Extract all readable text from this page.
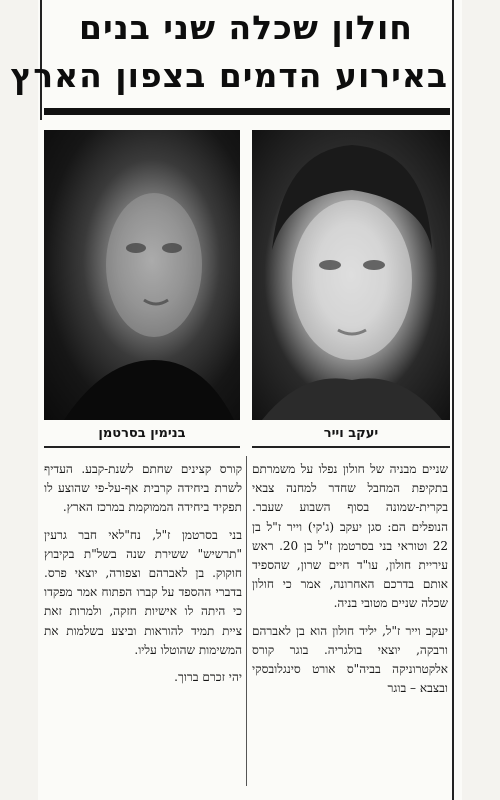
חולון שכלה שני בנים
באירוע הדמים בצפון הארץ
בנימין בסרטמן	יעקב וייר

שניים מבניה של חולון נפלו על משמרתם בתקיפת המחבל שחדר למחנה צבאי בקרית-שמונה בסוף השבוע שעבר. הנופלים הם: סגן יעקב (ג'קי) וייר ז"ל בן 22 וטוראי בני בסרטמן ז"ל בן 20. ראש עיריית חולון, עו"ד חיים שרון, שהספיד אותם בדרכם האחרונה, אמר כי חולון שכלה שניים מטובי בניה.

יעקב וייר ז"ל, יליד חולון הוא בן לאברהם ורבקה, יוצאי בולגריה. בוגר קורס אלקטרוניקה בביה"ס אורט סינגלובסקי ובצבא – בוגר

קורס קצינים שחתם לשנת-קבע. העדיף לשרת ביחידה קרבית אף-על-פי שהוצע לו תפקיד ביחידה הממוקמת במרכז הארץ.

בני בסרטמן ז"ל, נח"לאי חבר גרעין "תרשיש" ששירת שנה בשל"ת בקיבוץ חוקוק. בן לאברהם וצפורה, יוצאי פרס. בדברי ההספד על קברו הפתוח אמר מפקדו כי היתה לו אישיות חזקה, ולמרות זאת ציית תמיד להוראות וביצע בשלמות את המשימות שהוטלו עליו.

יהי זכרם ברוך.
